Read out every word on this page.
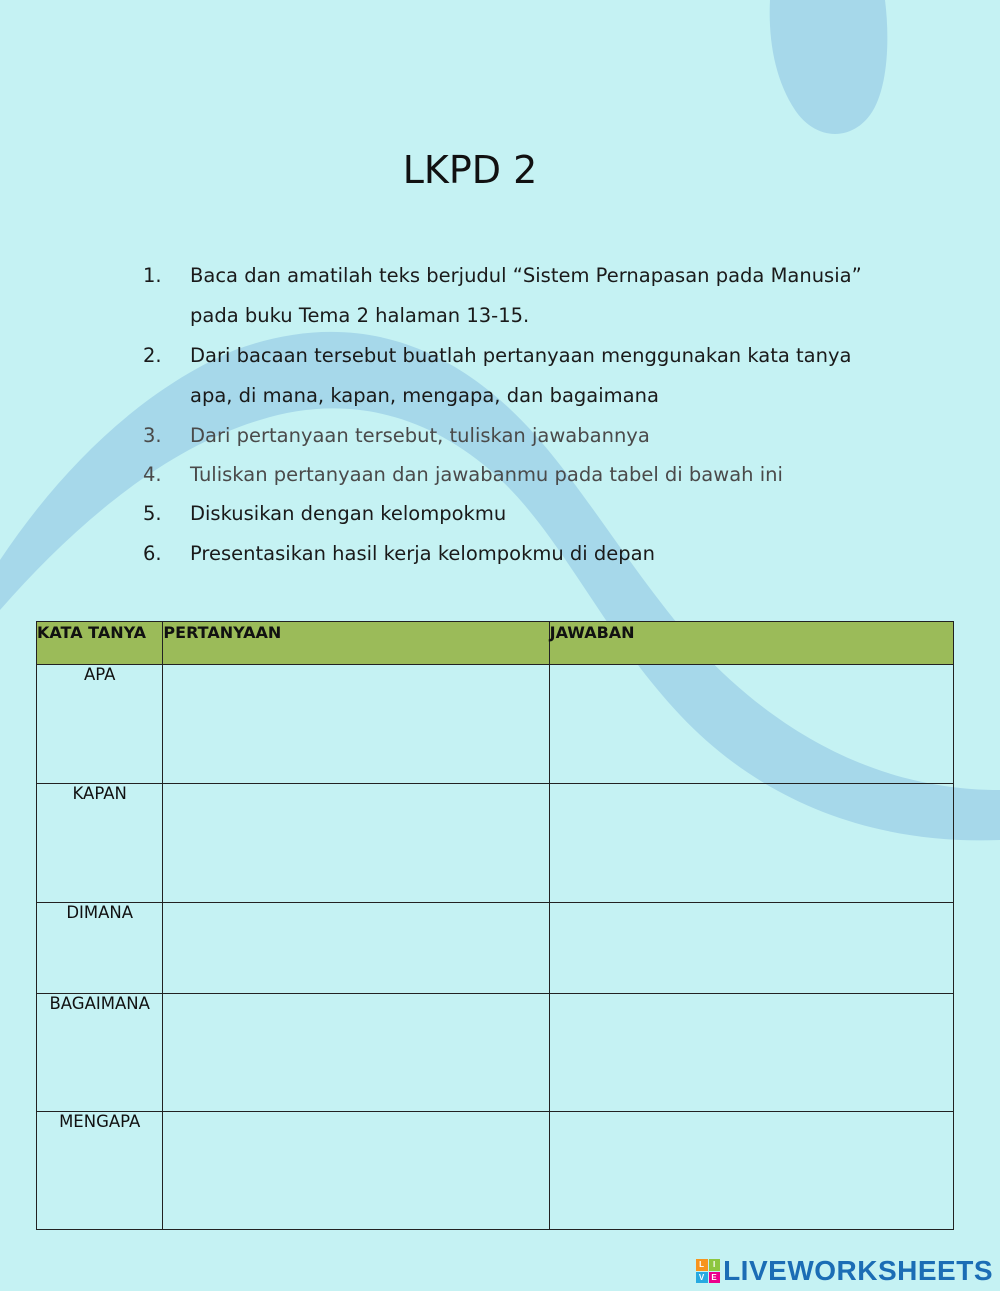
LKPD 2
1.	Baca dan amatilah teks berjudul “Sistem Pernapasan pada Manusia”
pada buku Tema 2 halaman 13-15.
2.	Dari bacaan tersebut buatlah pertanyaan menggunakan kata tanya
apa, di mana, kapan, mengapa, dan bagaimana
3.	Dari pertanyaan tersebut, tuliskan jawabannya
4.	Tuliskan pertanyaan dan jawabanmu pada tabel di bawah ini
5.	Diskusikan dengan kelompokmu
6.	Presentasikan hasil kerja kelompokmu di depan
KATA TANYA	PERTANYAAN	JAWABAN
APA		
KAPAN		
DIMANA		
BAGAIMANA		
MENGAPA		
L	I
V E LIVEWORKSHEETS
